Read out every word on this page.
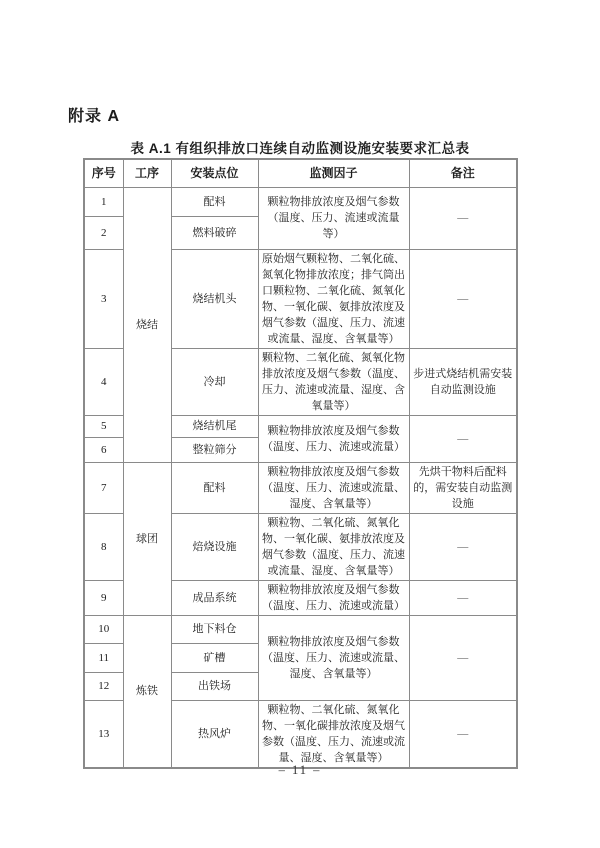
附录 A
表 A.1 有组织排放口连续自动监测设施安装要求汇总表
序号	工序	安装点位	监测因子	备注
1	烧结	配料	颗粒物排放浓度及烟气参数（温度、压力、流速或流量等）	—
2		燃料破碎		
3		烧结机头	原始烟气颗粒物、二氧化硫、氮氧化物排放浓度；排气筒出口颗粒物、二氧化硫、氮氧化物、一氧化碳、氨排放浓度及烟气参数（温度、压力、流速或流量、湿度、含氧量等）	—
4		冷却	颗粒物、二氧化硫、氮氧化物排放浓度及烟气参数（温度、压力、流速或流量、湿度、含氧量等）	步进式烧结机需安装自动监测设施
5		烧结机尾	颗粒物排放浓度及烟气参数（温度、压力、流速或流量）	—
6		整粒筛分		
7	球团	配料	颗粒物排放浓度及烟气参数（温度、压力、流速或流量、湿度、含氧量等）	先烘干物料后配料的，需安装自动监测设施
8		焙烧设施	颗粒物、二氧化硫、氮氧化物、一氧化碳、氨排放浓度及烟气参数（温度、压力、流速或流量、湿度、含氧量等）	—
9		成品系统	颗粒物排放浓度及烟气参数（温度、压力、流速或流量）	—
10	炼铁	地下料仓	颗粒物排放浓度及烟气参数（温度、压力、流速或流量、湿度、含氧量等）	—
11		矿槽		
12		出铁场		
13		热风炉	颗粒物、二氧化硫、氮氧化物、一氧化碳排放浓度及烟气参数（温度、压力、流速或流量、湿度、含氧量等）	—
– 11 –
